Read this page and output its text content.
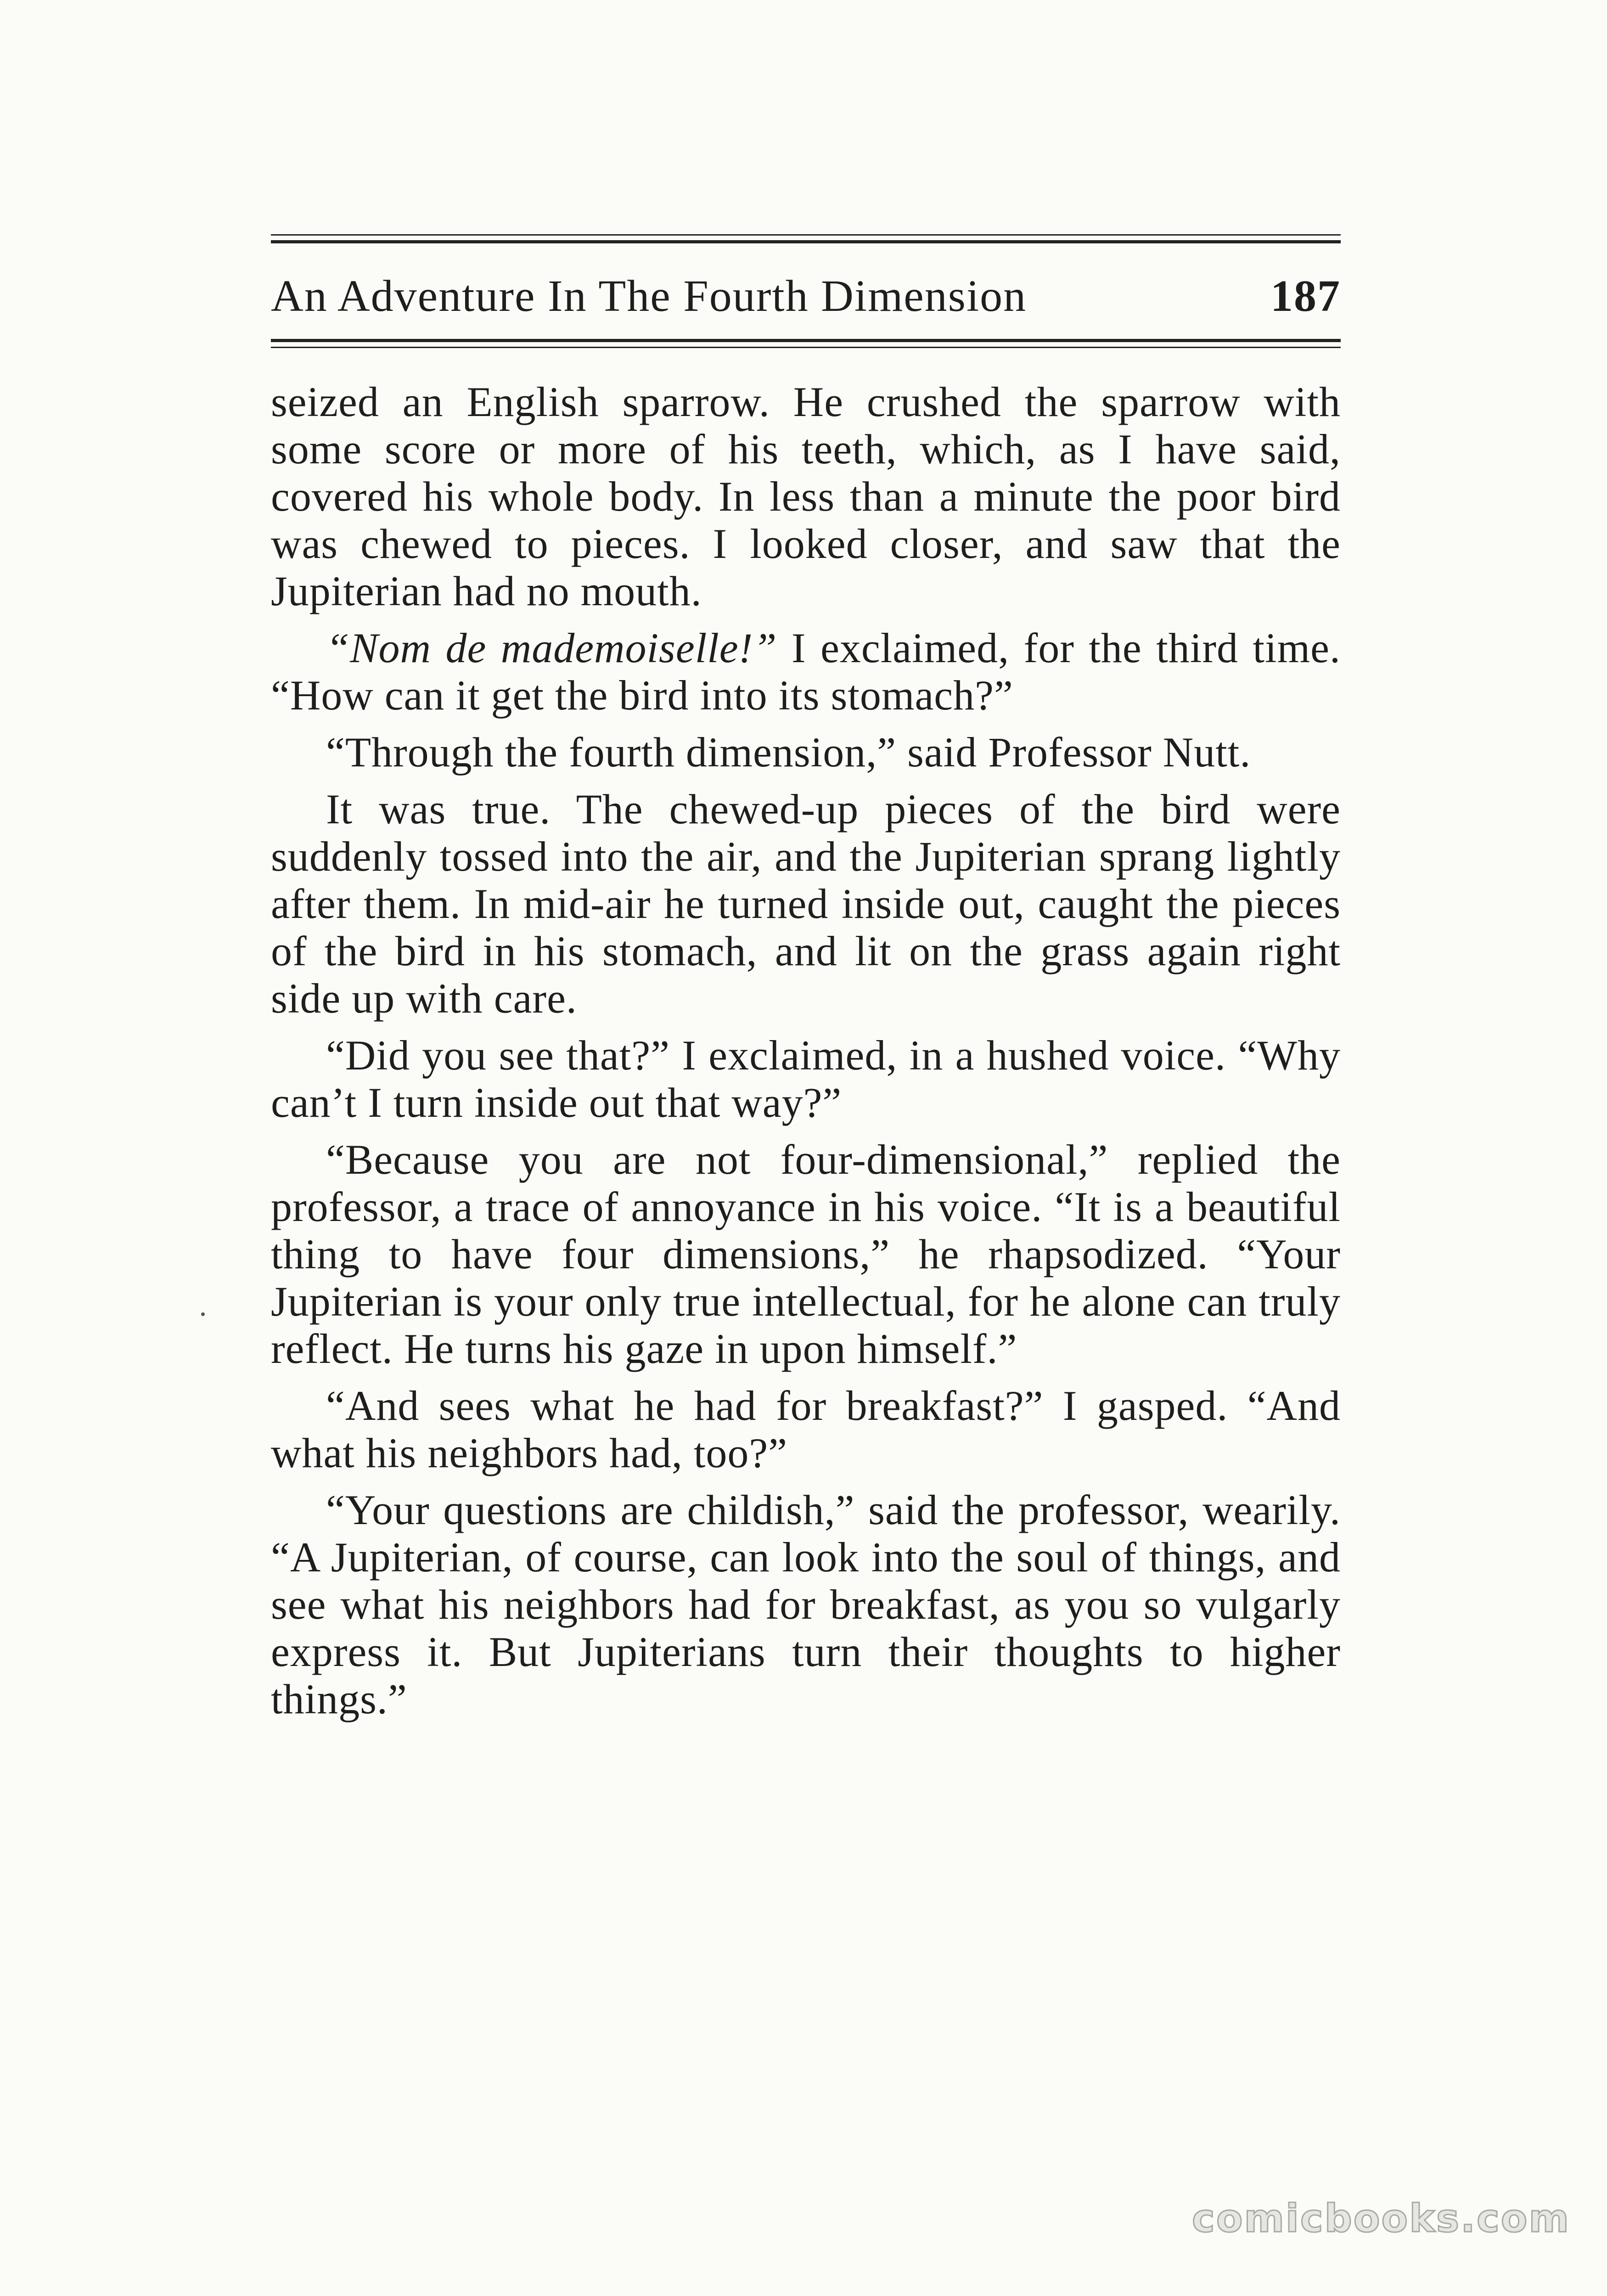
An Adventure In The Fourth Dimension	187

seized an English sparrow. He crushed the sparrow with some score or more of his teeth, which, as I have said, covered his whole body. In less than a minute the poor bird was chewed to pieces. I looked closer, and saw that the Jupiterian had no mouth.

“Nom de mademoiselle!” I exclaimed, for the third time. “How can it get the bird into its stomach?”

“Through the fourth dimension,” said Professor Nutt.

It was true. The chewed-up pieces of the bird were suddenly tossed into the air, and the Jupiterian sprang lightly after them. In mid-air he turned inside out, caught the pieces of the bird in his stomach, and lit on the grass again right side up with care.

“Did you see that?” I exclaimed, in a hushed voice. “Why can’t I turn inside out that way?”

“Because you are not four-dimensional,” replied the professor, a trace of annoyance in his voice. “It is a beautiful thing to have four dimensions,” he rhapsodized. “Your Jupiterian is your only true intellectual, for he alone can truly reflect. He turns his gaze in upon himself.”

“And sees what he had for breakfast?” I gasped. “And what his neighbors had, too?”

“Your questions are childish,” said the professor, wearily. “A Jupiterian, of course, can look into the soul of things, and see what his neighbors had for breakfast, as you so vulgarly express it. But Jupiterians turn their thoughts to higher things.”

comicbooks.com
